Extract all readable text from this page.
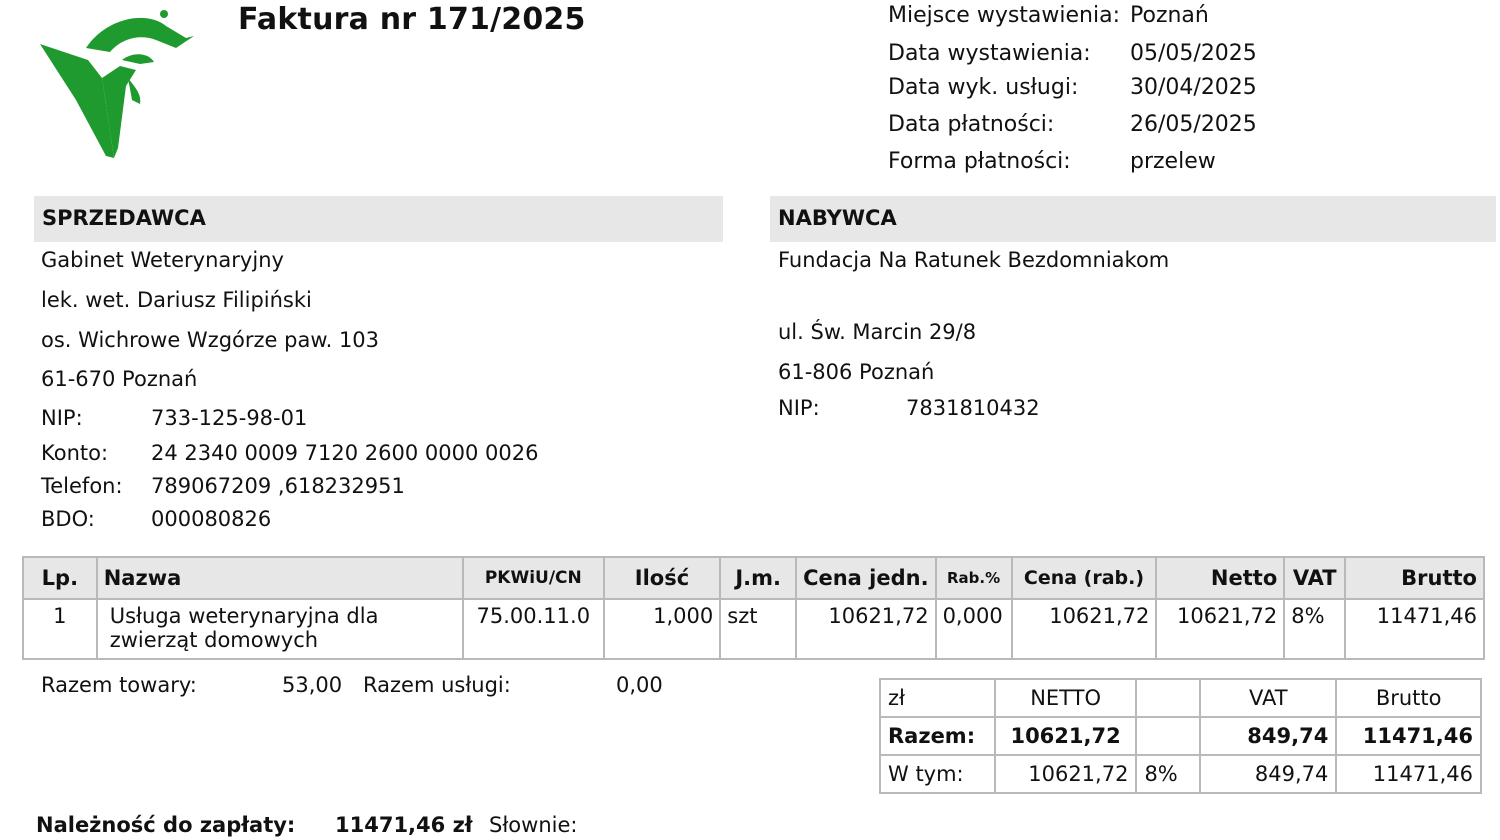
Faktura nr 171/2025	Miejsce wystawienia: Poznań
Data wystawienia: 05/05/2025
Data wyk. usługi: 30/04/2025
Data płatności:	26/05/2025
Forma płatności:	przelew
SPRZEDAWCA
Gabinet Weterynaryjny
lek. wet. Dariusz Filipiński
os. Wichrowe Wzgórze paw. 103
61-670 Poznań
NIP:	733-125-98-01
Konto: 24 2340 0009 7120 2600 0000 0026
Telefon: 789067209 ,618232951
BDO:	000080826
NABYWCA
Fundacja Na Ratunek Bezdomniakom
ul. Św. Marcin 29/8
61-806 Poznań
NIP:	7831810432
Lp.	Nazwa	PKWiU/CN	Ilość	J.m.	Cena jedn.	Rab.%	Cena (rab.)	Netto	VAT	Brutto
1	Usługa weterynaryjna dla
zwierząt domowych	75.00.11.0	1,000	szt	10621,72	0,000	10621,72	10621,72	8%	11471,46
Razem towary:	53,00 Razem usługi:	0,00
zł	NETTO		VAT	Brutto
Razem:	10621,72		849,74	11471,46
W tym:	10621,72	8%	849,74	11471,46
Należność do zapłaty: 11471,46 zł Słownie:
